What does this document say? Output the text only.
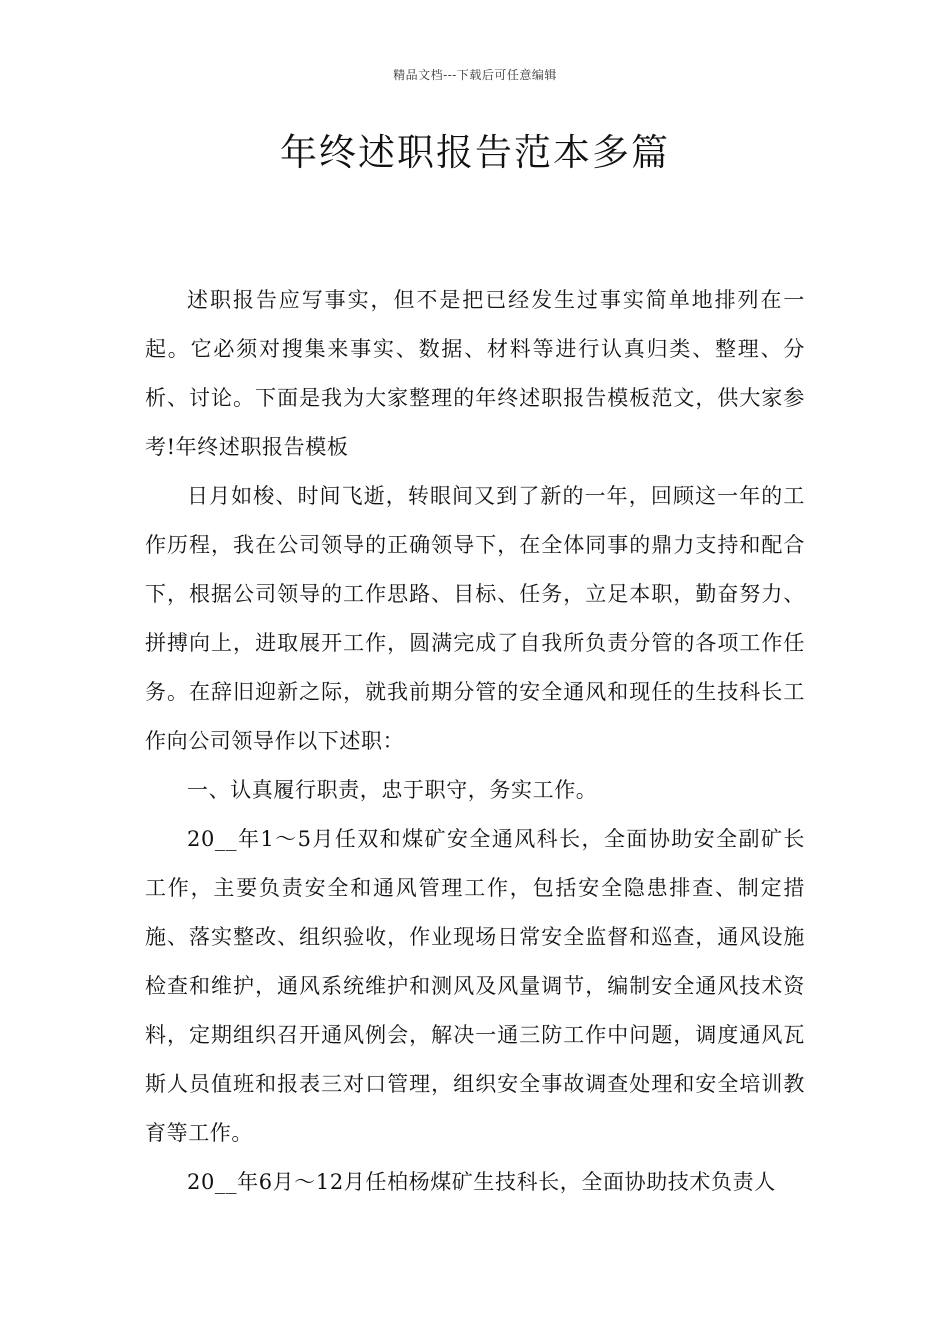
精品文档---下载后可任意编辑
年终述职报告范本多篇

述职报告应写事实，但不是把已经发生过事实简单地排列在一起。它必须对搜集来事实、数据、材料等进行认真归类、整理、分析、讨论。下面是我为大家整理的年终述职报告模板范文，供大家参考!年终述职报告模板

日月如梭、时间飞逝，转眼间又到了新的一年，回顾这一年的工作历程，我在公司领导的正确领导下，在全体同事的鼎力支持和配合下，根据公司领导的工作思路、目标、任务，立足本职，勤奋努力、拼搏向上，进取展开工作，圆满完成了自我所负责分管的各项工作任务。在辞旧迎新之际，就我前期分管的安全通风和现任的生技科长工作向公司领导作以下述职：

一、认真履行职责，忠于职守，务实工作。

20__年1～5月任双和煤矿安全通风科长，全面协助安全副矿长工作，主要负责安全和通风管理工作，包括安全隐患排查、制定措施、落实整改、组织验收，作业现场日常安全监督和巡查，通风设施检查和维护，通风系统维护和测风及风量调节，编制安全通风技术资料，定期组织召开通风例会，解决一通三防工作中问题，调度通风瓦斯人员值班和报表三对口管理，组织安全事故调查处理和安全培训教育等工作。

20__年6月～12月任柏杨煤矿生技科长，全面协助技术负责人
